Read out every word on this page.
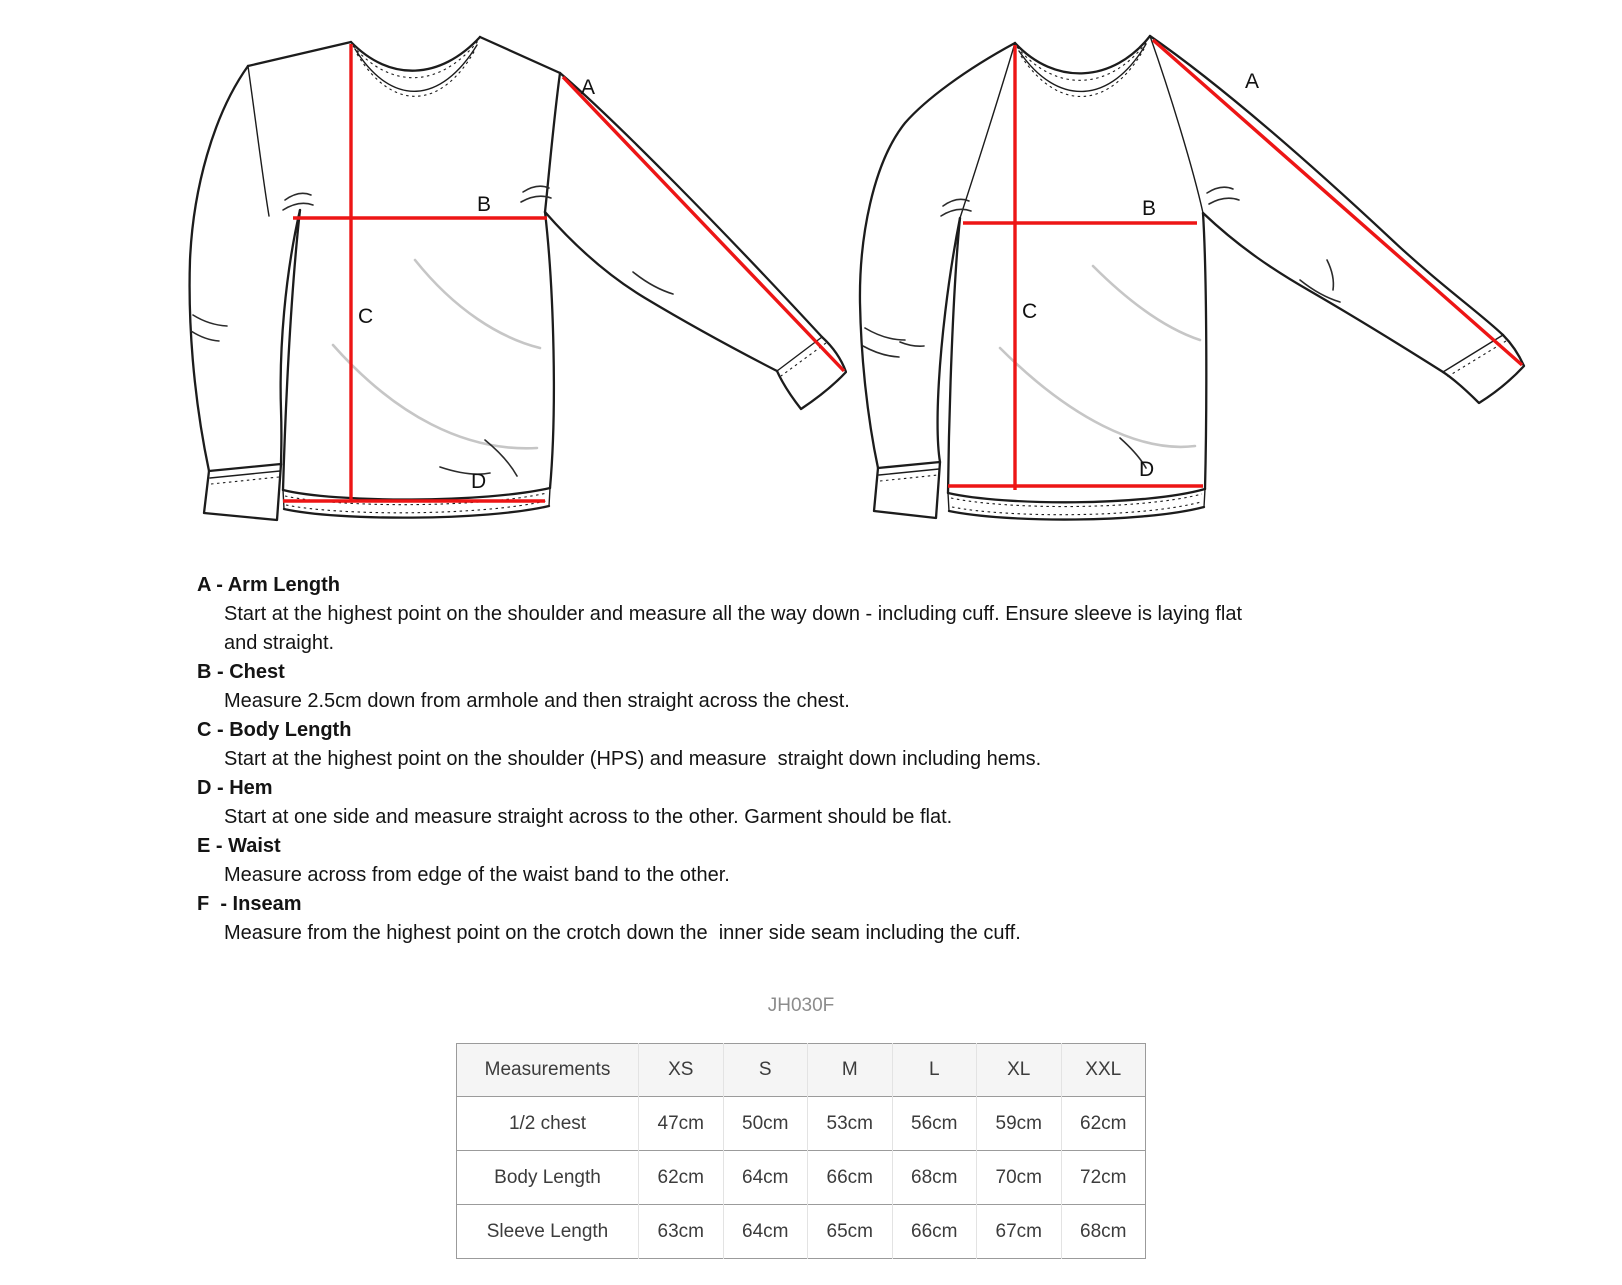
A
B
C
D
A
B
C
D
A - Arm Length
Start at the highest point on the shoulder and measure all the way down - including cuff. Ensure sleeve is laying flat
and straight.
B - Chest
Measure 2.5cm down from armhole and then straight across the chest.
C - Body Length
Start at the highest point on the shoulder (HPS) and measure  straight down including hems.
D - Hem
Start at one side and measure straight across to the other. Garment should be flat.
E - Waist
Measure across from edge of the waist band to the other.
F  - Inseam
Measure from the highest point on the crotch down the  inner side seam including the cuff.
JH030F
Measurements	XS	S	M	L	XL	XXL
1/2 chest	47cm	50cm	53cm	56cm	59cm	62cm
Body Length	62cm	64cm	66cm	68cm	70cm	72cm
Sleeve Length	63cm	64cm	65cm	66cm	67cm	68cm
